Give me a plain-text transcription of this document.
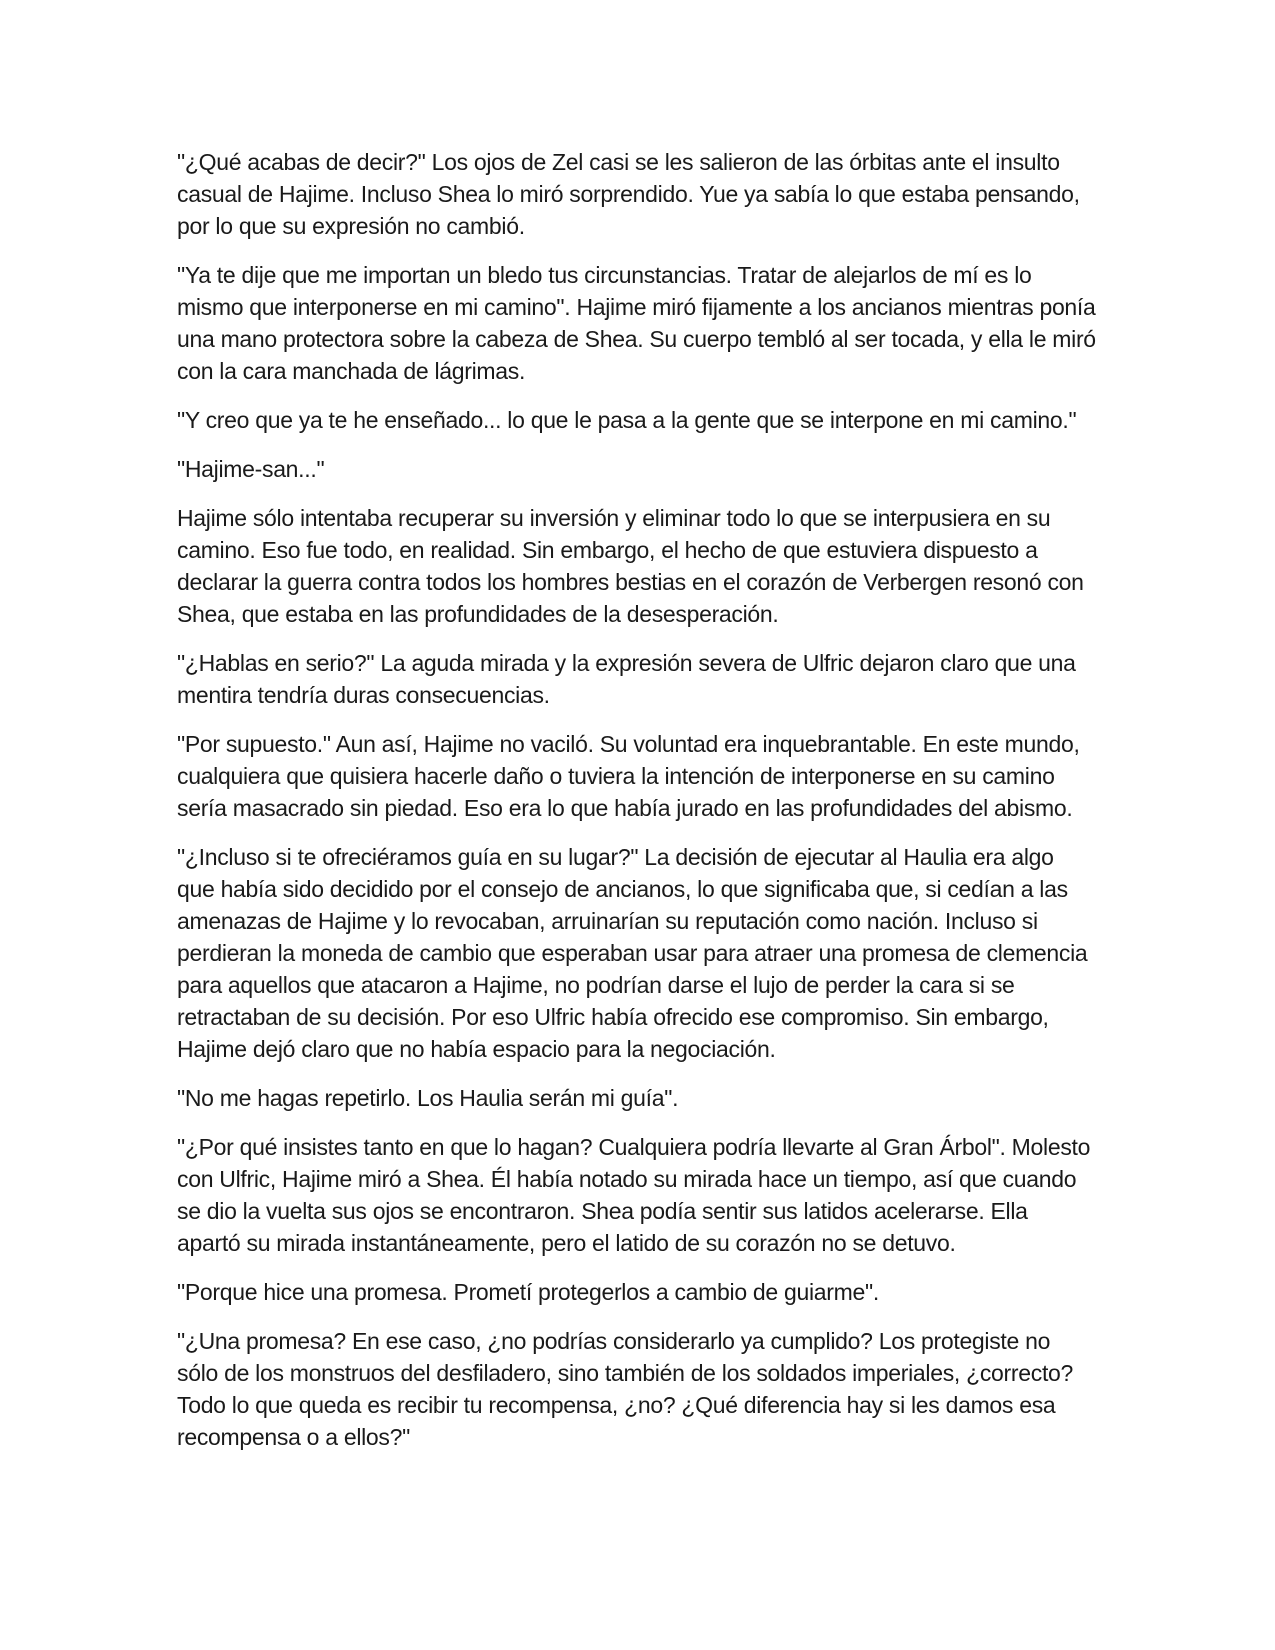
"¿Qué acabas de decir?" Los ojos de Zel casi se les salieron de las órbitas ante el insulto casual de Hajime. Incluso Shea lo miró sorprendido. Yue ya sabía lo que estaba pensando, por lo que su expresión no cambió.

"Ya te dije que me importan un bledo tus circunstancias. Tratar de alejarlos de mí es lo mismo que interponerse en mi camino". Hajime miró fijamente a los ancianos mientras ponía una mano protectora sobre la cabeza de Shea. Su cuerpo tembló al ser tocada, y ella le miró con la cara manchada de lágrimas.

"Y creo que ya te he enseñado... lo que le pasa a la gente que se interpone en mi camino."

"Hajime-san..."

Hajime sólo intentaba recuperar su inversión y eliminar todo lo que se interpusiera en su camino. Eso fue todo, en realidad. Sin embargo, el hecho de que estuviera dispuesto a declarar la guerra contra todos los hombres bestias en el corazón de Verbergen resonó con Shea, que estaba en las profundidades de la desesperación.

"¿Hablas en serio?" La aguda mirada y la expresión severa de Ulfric dejaron claro que una mentira tendría duras consecuencias.

"Por supuesto." Aun así, Hajime no vaciló. Su voluntad era inquebrantable. En este mundo, cualquiera que quisiera hacerle daño o tuviera la intención de interponerse en su camino sería masacrado sin piedad. Eso era lo que había jurado en las profundidades del abismo.

"¿Incluso si te ofreciéramos guía en su lugar?" La decisión de ejecutar al Haulia era algo que había sido decidido por el consejo de ancianos, lo que significaba que, si cedían a las amenazas de Hajime y lo revocaban, arruinarían su reputación como nación. Incluso si perdieran la moneda de cambio que esperaban usar para atraer una promesa de clemencia para aquellos que atacaron a Hajime, no podrían darse el lujo de perder la cara si se retractaban de su decisión. Por eso Ulfric había ofrecido ese compromiso. Sin embargo, Hajime dejó claro que no había espacio para la negociación.

"No me hagas repetirlo. Los Haulia serán mi guía".

"¿Por qué insistes tanto en que lo hagan? Cualquiera podría llevarte al Gran Árbol". Molesto con Ulfric, Hajime miró a Shea. Él había notado su mirada hace un tiempo, así que cuando se dio la vuelta sus ojos se encontraron. Shea podía sentir sus latidos acelerarse. Ella apartó su mirada instantáneamente, pero el latido de su corazón no se detuvo.

"Porque hice una promesa. Prometí protegerlos a cambio de guiarme".

"¿Una promesa? En ese caso, ¿no podrías considerarlo ya cumplido? Los protegiste no sólo de los monstruos del desfiladero, sino también de los soldados imperiales, ¿correcto? Todo lo que queda es recibir tu recompensa, ¿no? ¿Qué diferencia hay si les damos esa recompensa o a ellos?"
